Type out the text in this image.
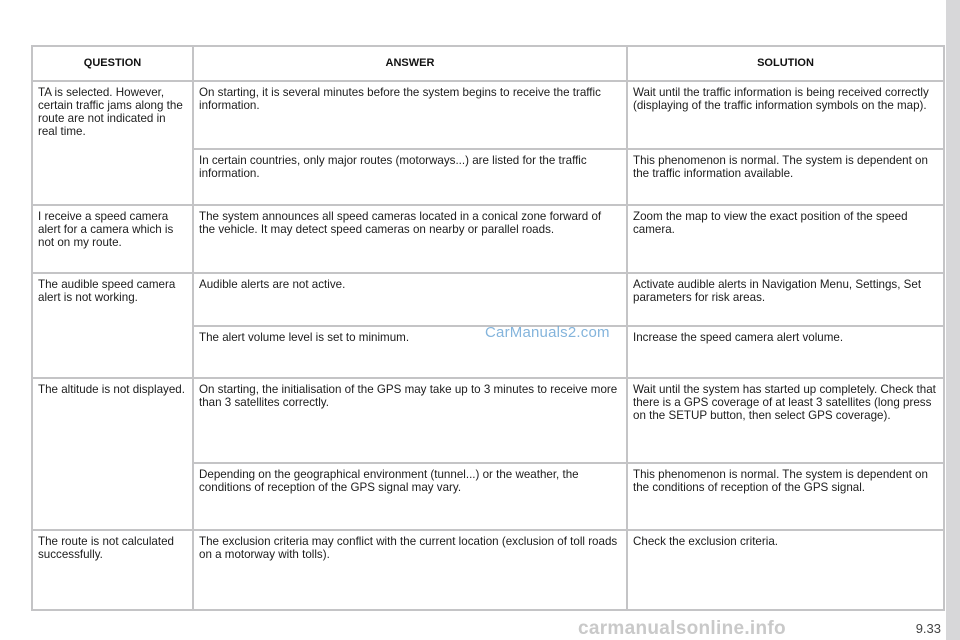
QUESTION	ANSWER	SOLUTION
TA is selected. However, certain traffic jams along the route are not indicated in real time.	On starting, it is several minutes before the system begins to receive the traffic information.	Wait until the traffic information is being received correctly (displaying of the traffic information symbols on the map).
	In certain countries, only major routes (motorways...) are listed for the traffic information.	This phenomenon is normal. The system is dependent on the traffic information available.
I receive a speed camera alert for a camera which is not on my route.	The system announces all speed cameras located in a conical zone forward of the vehicle. It may detect speed cameras on nearby or parallel roads.	Zoom the map to view the exact position of the speed camera.
The audible speed camera alert is not working.	Audible alerts are not active.	Activate audible alerts in Navigation Menu, Settings, Set parameters for risk areas.
	The alert volume level is set to minimum.	Increase the speed camera alert volume.
The altitude is not displayed.	On starting, the initialisation of the GPS may take up to 3 minutes to receive more than 3 satellites correctly.	Wait until the system has started up completely. Check that there is a GPS coverage of at least 3 satellites (long press on the SETUP button, then select GPS coverage).
	Depending on the geographical environment (tunnel...) or the weather, the conditions of reception of the GPS signal may vary.	This phenomenon is normal. The system is dependent on the conditions of reception of the GPS signal.
The route is not calculated successfully.	The exclusion criteria may conflict with the current location (exclusion of toll roads on a motorway with tolls).	Check the exclusion criteria.
CarManuals2.com
carmanualsonline.info	9.33
